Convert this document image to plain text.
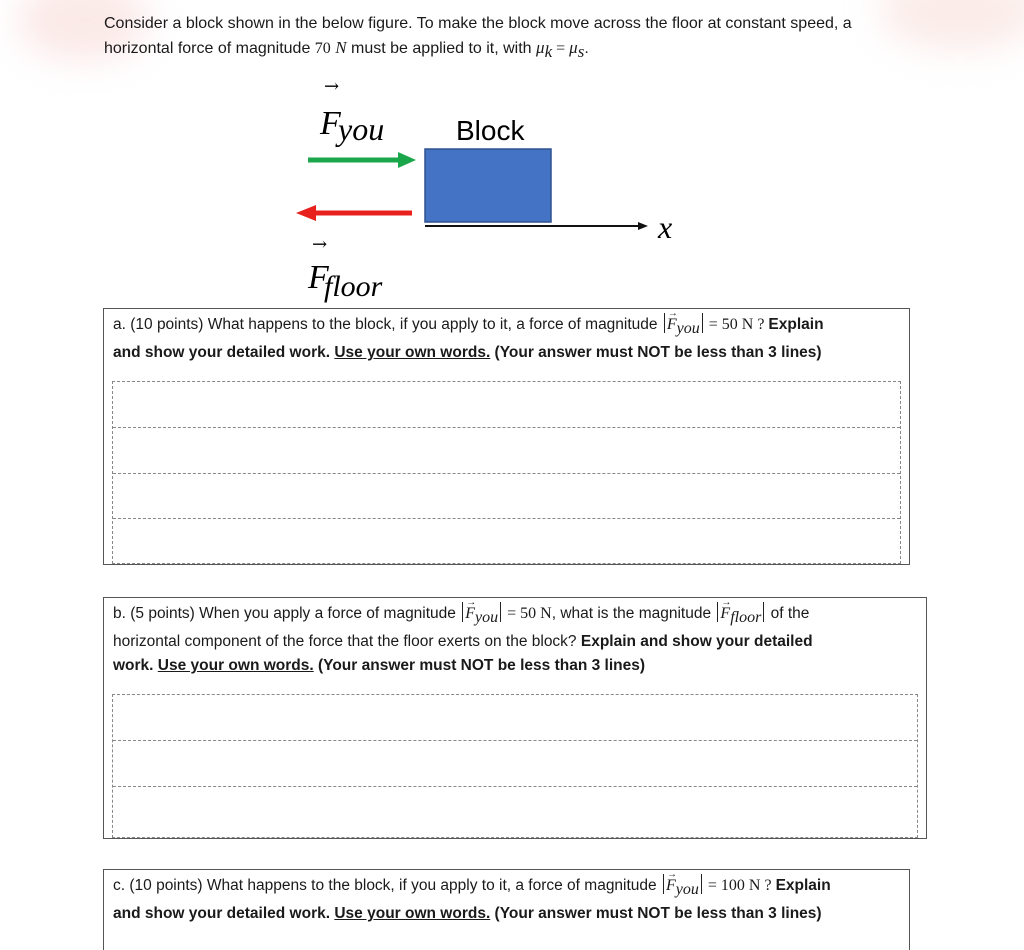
Consider a block shown in the below figure. To make the block move across the floor at constant speed, a
horizontal force of magnitude 70 N must be applied to it, with $\mu_k = \mu_s$.
→
F
you	Block
x
→
F
floor
a. (10 points) What happens to the block, if you apply to it, a force of magnitude → $F_{you} = 50$ N ? Explain
and show your detailed work. Use your own words. (Your answer must NOT be less than 3 lines)
b. (5 points) When you apply a force of magnitude → $F_{you} = 50$ N, what is the magnitude → $F_{floor}$ of the
horizontal component of the force that the floor exerts on the block? Explain and show your detailed
work. Use your own words. (Your answer must NOT be less than 3 lines)
c. (10 points) What happens to the block, if you apply to it, a force of magnitude → $F_{you} = 100$ N ? Explain
and show your detailed work. Use your own words. (Your answer must NOT be less than 3 lines)
